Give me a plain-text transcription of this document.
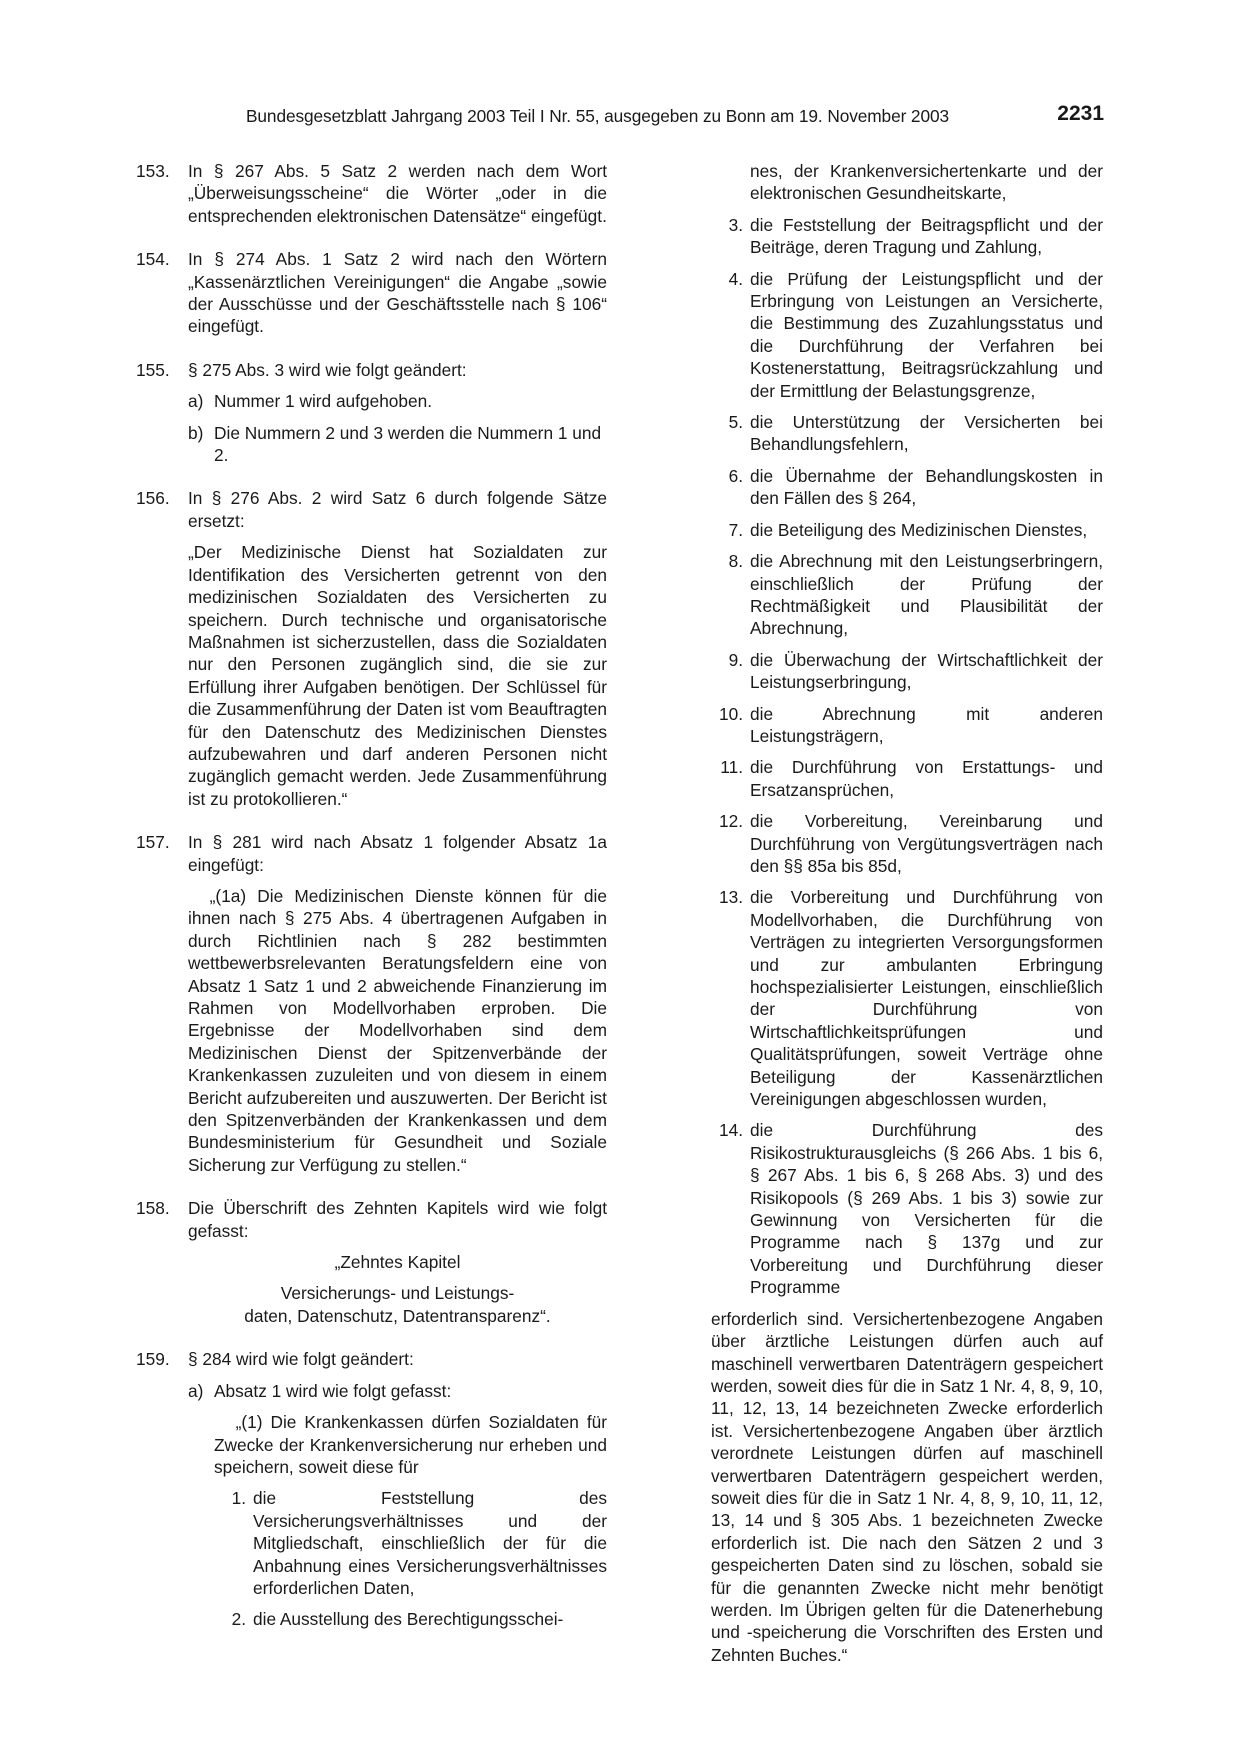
Bundesgesetzblatt Jahrgang 2003 Teil I Nr. 55, ausgegeben zu Bonn am 19. November 2003	2231
153. In § 267 Abs. 5 Satz 2 werden nach dem Wort „Überweisungsscheine“ die Wörter „oder in die entsprechenden elektronischen Datensätze“ eingefügt.

154. In § 274 Abs. 1 Satz 2 wird nach den Wörtern „Kassenärztlichen Vereinigungen“ die Angabe „sowie der Ausschüsse und der Geschäftsstelle nach § 106“ eingefügt.

155. § 275 Abs. 3 wird wie folgt geändert:

a) Nummer 1 wird aufgehoben.

b) Die Nummern 2 und 3 werden die Nummern 1 und 2.

156. In § 276 Abs. 2 wird Satz 6 durch folgende Sätze ersetzt:

„Der Medizinische Dienst hat Sozialdaten zur Identifikation des Versicherten getrennt von den medizinischen Sozialdaten des Versicherten zu speichern. Durch technische und organisatorische Maßnahmen ist sicherzustellen, dass die Sozialdaten nur den Personen zugänglich sind, die sie zur Erfüllung ihrer Aufgaben benötigen. Der Schlüssel für die Zusammenführung der Daten ist vom Beauftragten für den Datenschutz des Medizinischen Dienstes aufzubewahren und darf anderen Personen nicht zugänglich gemacht werden. Jede Zusammenführung ist zu protokollieren.“

157. In § 281 wird nach Absatz 1 folgender Absatz 1a eingefügt:

„(1a) Die Medizinischen Dienste können für die ihnen nach § 275 Abs. 4 übertragenen Aufgaben in durch Richtlinien nach § 282 bestimmten wettbewerbsrelevanten Beratungsfeldern eine von Absatz 1 Satz 1 und 2 abweichende Finanzierung im Rahmen von Modellvorhaben erproben. Die Ergebnisse der Modellvorhaben sind dem Medizinischen Dienst der Spitzenverbände der Krankenkassen zuzuleiten und von diesem in einem Bericht aufzubereiten und auszuwerten. Der Bericht ist den Spitzenverbänden der Krankenkassen und dem Bundesministerium für Gesundheit und Soziale Sicherung zur Verfügung zu stellen.“

158. Die Überschrift des Zehnten Kapitels wird wie folgt gefasst:

„Zehntes Kapitel

Versicherungs- und Leistungs-

daten, Datenschutz, Datentransparenz“.

159. § 284 wird wie folgt geändert:

a) Absatz 1 wird wie folgt gefasst:

„(1) Die Krankenkassen dürfen Sozialdaten für Zwecke der Krankenversicherung nur erheben und speichern, soweit diese für

1. die Feststellung des Versicherungsverhältnisses und der Mitgliedschaft, einschließlich der für die Anbahnung eines Versicherungsverhältnisses erforderlichen Daten,

2. die Ausstellung des Berechtigungsschei-

nes, der Krankenversichertenkarte und der elektronischen Gesundheitskarte,

3. die Feststellung der Beitragspflicht und der Beiträge, deren Tragung und Zahlung,

4. die Prüfung der Leistungspflicht und der Erbringung von Leistungen an Versicherte, die Bestimmung des Zuzahlungsstatus und die Durchführung der Verfahren bei Kostenerstattung, Beitragsrückzahlung und der Ermittlung der Belastungsgrenze,

5. die Unterstützung der Versicherten bei Behandlungsfehlern,

6. die Übernahme der Behandlungskosten in den Fällen des § 264,

7. die Beteiligung des Medizinischen Dienstes,

8. die Abrechnung mit den Leistungserbringern, einschließlich der Prüfung der Rechtmäßigkeit und Plausibilität der Abrechnung,

9. die Überwachung der Wirtschaftlichkeit der Leistungserbringung,

10. die Abrechnung mit anderen Leistungsträgern,

11. die Durchführung von Erstattungs- und Ersatzansprüchen,

12. die Vorbereitung, Vereinbarung und Durchführung von Vergütungsverträgen nach den §§ 85a bis 85d,

13. die Vorbereitung und Durchführung von Modellvorhaben, die Durchführung von Verträgen zu integrierten Versorgungsformen und zur ambulanten Erbringung hochspezialisierter Leistungen, einschließlich der Durchführung von Wirtschaftlichkeitsprüfungen und Qualitätsprüfungen, soweit Verträge ohne Beteiligung der Kassenärztlichen Vereinigungen abgeschlossen wurden,

14. die Durchführung des Risikostrukturausgleichs (§ 266 Abs. 1 bis 6, § 267 Abs. 1 bis 6, § 268 Abs. 3) und des Risikopools (§ 269 Abs. 1 bis 3) sowie zur Gewinnung von Versicherten für die Programme nach § 137g und zur Vorbereitung und Durchführung dieser Programme

erforderlich sind. Versichertenbezogene Angaben über ärztliche Leistungen dürfen auch auf maschinell verwertbaren Datenträgern gespeichert werden, soweit dies für die in Satz 1 Nr. 4, 8, 9, 10, 11, 12, 13, 14 bezeichneten Zwecke erforderlich ist. Versichertenbezogene Angaben über ärztlich verordnete Leistungen dürfen auf maschinell verwertbaren Datenträgern gespeichert werden, soweit dies für die in Satz 1 Nr. 4, 8, 9, 10, 11, 12, 13, 14 und § 305 Abs. 1 bezeichneten Zwecke erforderlich ist. Die nach den Sätzen 2 und 3 gespeicherten Daten sind zu löschen, sobald sie für die genannten Zwecke nicht mehr benötigt werden. Im Übrigen gelten für die Datenerhebung und -speicherung die Vorschriften des Ersten und Zehnten Buches.“
